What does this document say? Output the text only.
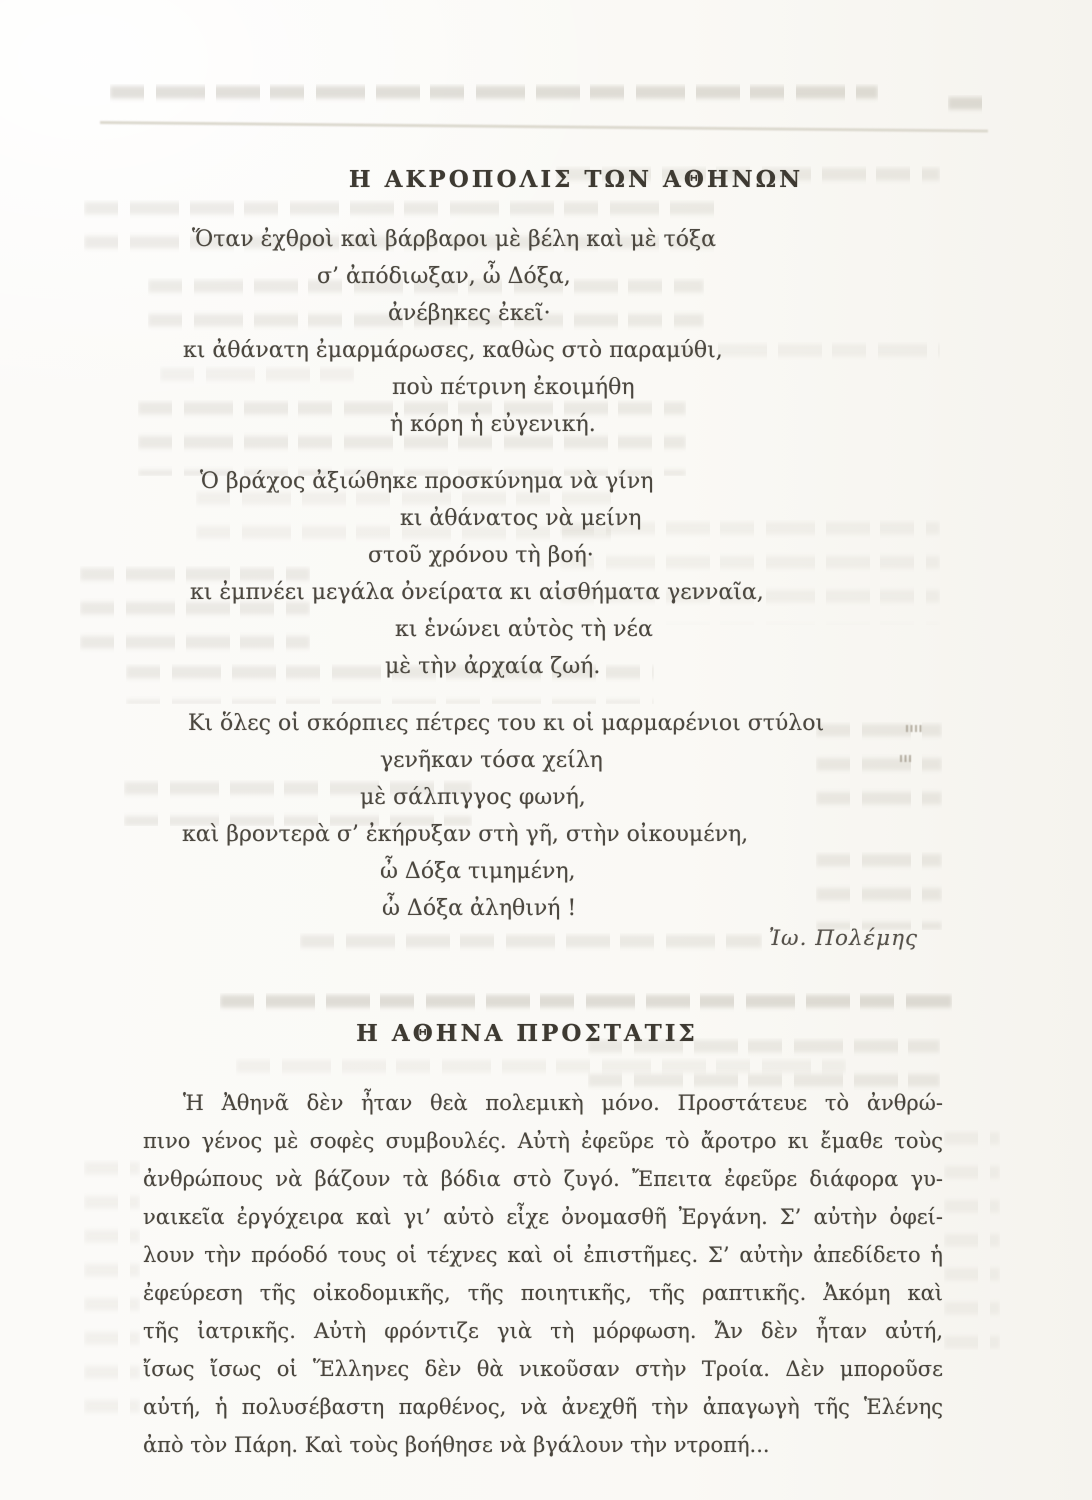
Η ΑΚΡΟΠΟΛΙΣ ΤΩΝ ΑΘΗΝΩΝ
Ὅταν ἐχθροὶ καὶ βάρβαροι μὲ βέλη καὶ μὲ τόξα
σ’ ἀπόδιωξαν, ὦ Δόξα,
ἀνέβηκες ἐκεῖ·
κι ἀθάνατη ἐμαρμάρωσες, καθὼς στὸ παραμύθι,
ποὺ πέτρινη ἐκοιμήθη
ἡ κόρη ἡ εὐγενική.
Ὁ βράχος ἀξιώθηκε προσκύνημα νὰ γίνη
κι ἀθάνατος νὰ μείνη
στοῦ χρόνου τὴ βοή·
κι ἐμπνέει μεγάλα ὀνείρατα κι αἰσθήματα γενναῖα,
κι ἑνώνει αὐτὸς τὴ νέα
μὲ τὴν ἀρχαία ζωή.
Κι ὅλες οἱ σκόρπιες πέτρες του κι οἱ μαρμαρένιοι στύλοι
γενῆκαν τόσα χείλη
μὲ σάλπιγγος φωνή,
καὶ βροντερὰ σ’ ἐκήρυξαν στὴ γῆ, στὴν οἰκουμένη,
ὦ Δόξα τιμημένη,
ὦ Δόξα ἀληθινή !
Ἰω. Πολέμης
Η ΑΘΗΝΑ ΠΡΟΣΤΑΤΙΣ
Ἡ Ἀθηνᾶ δὲν ἦταν θεὰ πολεμικὴ μόνο. Προστάτευε τὸ ἀνθρώ-
πινο γένος μὲ σοφὲς συμβουλές. Αὐτὴ ἐφεῦρε τὸ ἄροτρο κι ἔμαθε τοὺς
ἀνθρώπους νὰ βάζουν τὰ βόδια στὸ ζυγό. Ἔπειτα ἐφεῦρε διάφορα γυ-
ναικεῖα ἐργόχειρα καὶ γι’ αὐτὸ εἶχε ὀνομασθῆ Ἐργάνη. Σ’ αὐτὴν ὀφεί-
λουν τὴν πρόοδό τους οἱ τέχνες καὶ οἱ ἐπιστῆμες. Σ’ αὐτὴν ἀπεδίδετο ἡ
ἐφεύρεση τῆς οἰκοδομικῆς, τῆς ποιητικῆς, τῆς ραπτικῆς. Ἀκόμη καὶ
τῆς ἰατρικῆς. Αὐτὴ φρόντιζε γιὰ τὴ μόρφωση. Ἄν δὲν ἦταν αὐτή,
ἴσως ἴσως οἱ Ἕλληνες δὲν θὰ νικοῦσαν στὴν Τροία. Δὲν μποροῦσε
αὐτή, ἡ πολυσέβαστη παρθένος, νὰ ἀνεχθῆ τὴν ἀπαγωγὴ τῆς Ἑλένης
ἀπὸ τὸν Πάρη. Καὶ τοὺς βοήθησε νὰ βγάλουν τὴν ντροπή...
